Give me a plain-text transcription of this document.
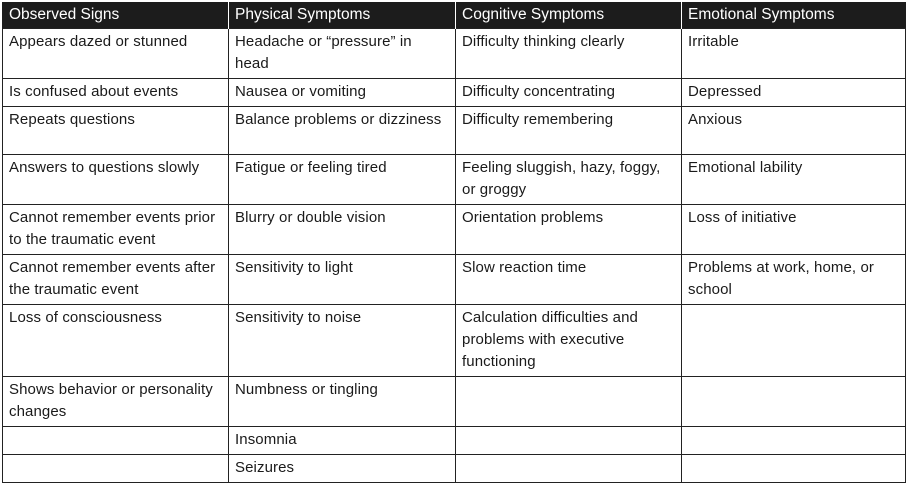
Observed Signs	Physical Symptoms	Cognitive Symptoms	Emotional Symptoms
Appears dazed or stunned	Headache or “pressure” in head	Difficulty thinking clearly	Irritable
Is confused about events	Nausea or vomiting	Difficulty concentrating	Depressed
Repeats questions	Balance problems or dizziness	Difficulty remembering	Anxious
Answers to questions slowly	Fatigue or feeling tired	Feeling sluggish, hazy, foggy, or groggy	Emotional lability
Cannot remember events prior to the traumatic event	Blurry or double vision	Orientation problems	Loss of initiative
Cannot remember events after the traumatic event	Sensitivity to light	Slow reaction time	Problems at work, home, or school
Loss of consciousness	Sensitivity to noise	Calculation difficulties and problems with executive functioning	
Shows behavior or personality changes	Numbness or tingling		
	Insomnia		
	Seizures		
